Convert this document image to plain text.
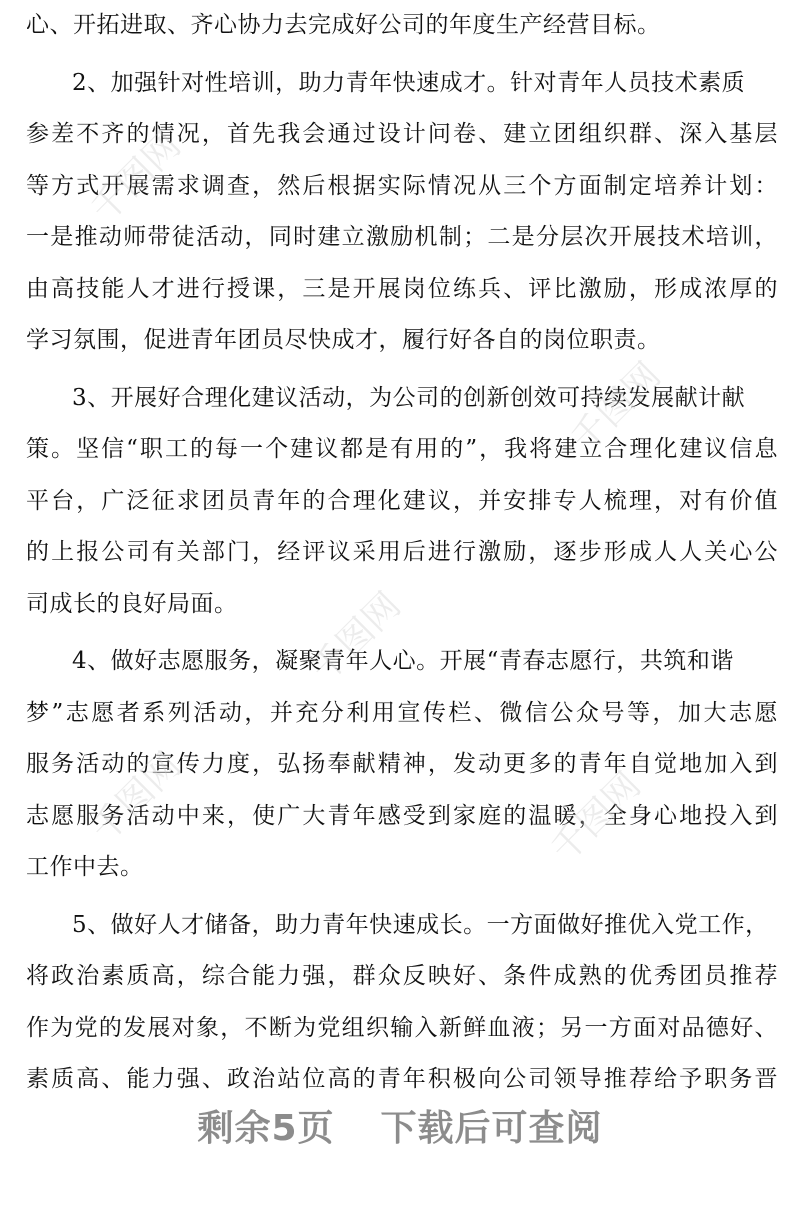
心、开拓进取、齐心协力去完成好公司的年度生产经营目标。
2、加强针对性培训，助力青年快速成才。针对青年人员技术素质
参差不齐的情况，首先我会通过设计问卷、建立团组织群、深入基层
等方式开展需求调查，然后根据实际情况从三个方面制定培养计划：
一是推动师带徒活动，同时建立激励机制；二是分层次开展技术培训，
由高技能人才进行授课，三是开展岗位练兵、评比激励，形成浓厚的
学习氛围，促进青年团员尽快成才，履行好各自的岗位职责。
3、开展好合理化建议活动，为公司的创新创效可持续发展献计献
策。坚信“职工的每一个建议都是有用的”，我将建立合理化建议信息
平台，广泛征求团员青年的合理化建议，并安排专人梳理，对有价值
的上报公司有关部门，经评议采用后进行激励，逐步形成人人关心公
司成长的良好局面。
4、做好志愿服务，凝聚青年人心。开展“青春志愿行，共筑和谐
梦”志愿者系列活动，并充分利用宣传栏、微信公众号等，加大志愿
服务活动的宣传力度，弘扬奉献精神，发动更多的青年自觉地加入到
志愿服务活动中来，使广大青年感受到家庭的温暖，全身心地投入到
工作中去。
5、做好人才储备，助力青年快速成长。一方面做好推优入党工作，
将政治素质高，综合能力强，群众反映好、条件成熟的优秀团员推荐
作为党的发展对象，不断为党组织输入新鲜血液；另一方面对品德好、
素质高、能力强、政治站位高的青年积极向公司领导推荐给予职务晋
千图网
千图网
千图网
千图网	千图网
剩余5页 下载后可查阅
